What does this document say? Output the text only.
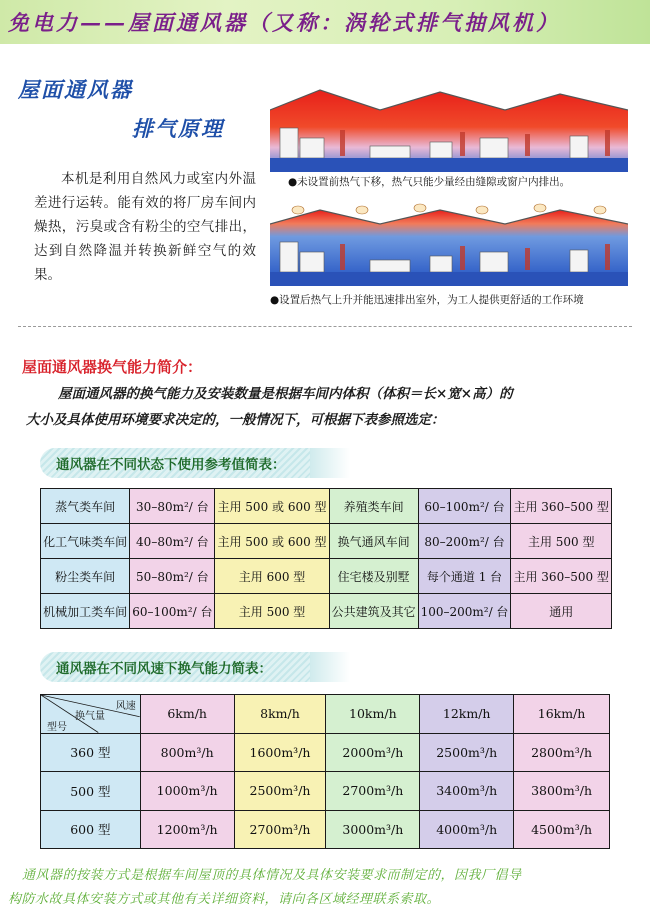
免电力——屋面通风器（又称：涡轮式排气抽风机）
屋面通风器
排气原理
本机是利用自然风力或室内外温差进行运转。能有效的将厂房车间内燥热，污臭或含有粉尘的空气排出，达到自然降温并转换新鲜空气的效果。
●未设置前热气下移，热气只能少量经由缝隙或窗户内排出。
●设置后热气上升并能迅速排出室外，为工人提供更舒适的工作环境
屋面通风器换气能力简介：
屋面通风器的换气能力及安装数量是根据车间内体积（体积＝长×宽×高）的
大小及具体使用环境要求决定的，一般情况下，可根据下表参照选定：
通风器在不同状态下使用参考值简表：
蒸气类车间	30–80m²/ 台	主用 500 或 600 型	养殖类车间	60–100m²/ 台	主用 360–500 型
化工气味类车间	40–80m²/ 台	主用 500 或 600 型	换气通风车间	80–200m²/ 台	主用 500 型
粉尘类车间	50–80m²/ 台	主用 600 型	住宅楼及别墅	每个通道 1 台	主用 360–500 型
机械加工类车间	60–100m²/ 台	主用 500 型	公共建筑及其它	100–200m²/ 台	通用
通风器在不同风速下换气能力简表：
风速
换气量
型号	6km/h	8km/h	10km/h	12km/h	16km/h
360 型	800m³/h	1600m³/h	2000m³/h	2500m³/h	2800m³/h
500 型	1000m³/h	2500m³/h	2700m³/h	3400m³/h	3800m³/h
600 型	1200m³/h	2700m³/h	3000m³/h	4000m³/h	4500m³/h
通风器的按装方式是根据车间屋顶的具体情况及具体安装要求而制定的，因我厂倡导
构防水故具体安装方式或其他有关详细资料，请向各区域经理联系索取。
